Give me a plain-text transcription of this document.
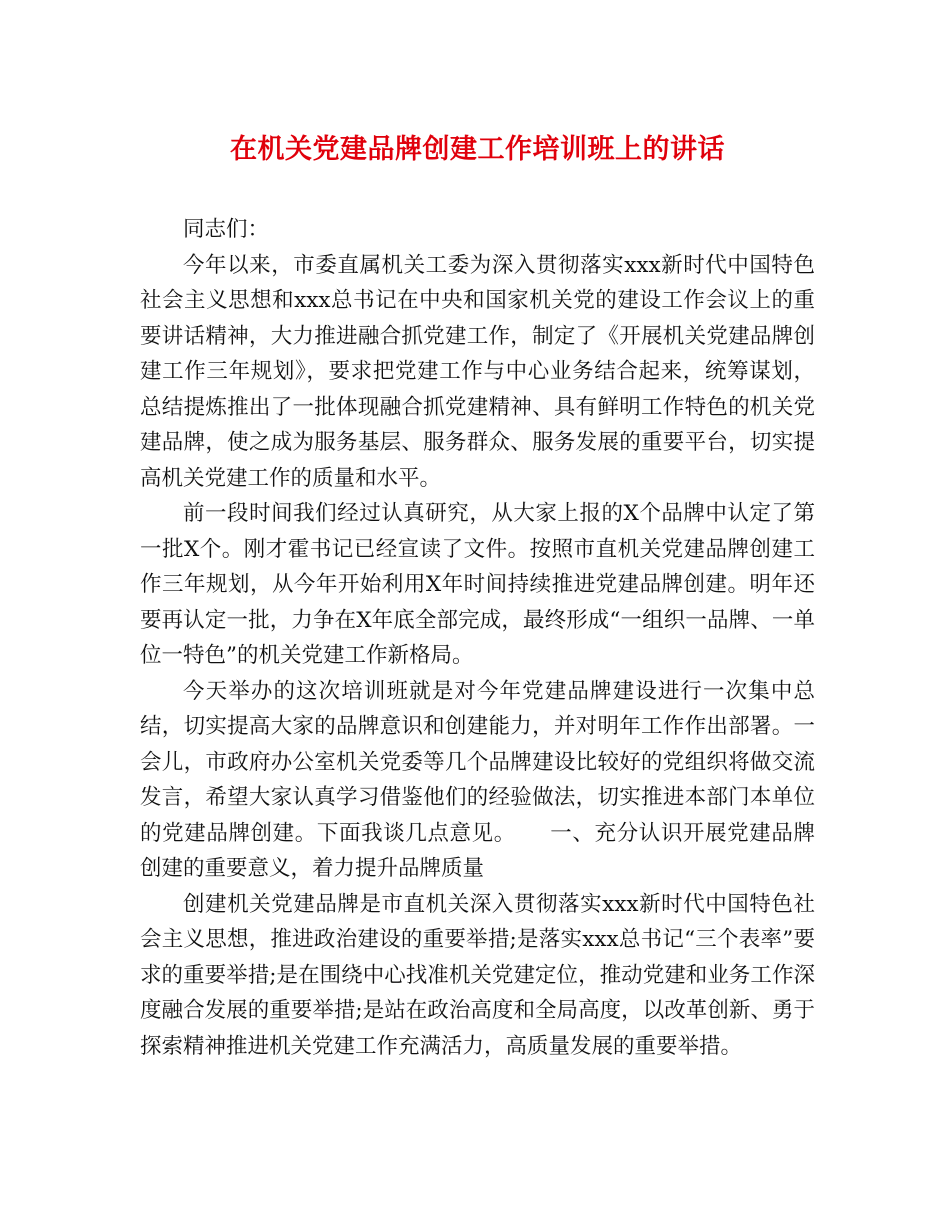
在机关党建品牌创建工作培训班上的讲话

同志们：

今年以来，市委直属机关工委为深入贯彻落实xxx新时代中国特色社会主义思想和xxx总书记在中央和国家机关党的建设工作会议上的重要讲话精神，大力推进融合抓党建工作，制定了《开展机关党建品牌创建工作三年规划》，要求把党建工作与中心业务结合起来，统筹谋划，总结提炼推出了一批体现融合抓党建精神、具有鲜明工作特色的机关党建品牌，使之成为服务基层、服务群众、服务发展的重要平台，切实提高机关党建工作的质量和水平。

前一段时间我们经过认真研究，从大家上报的X个品牌中认定了第一批X个。刚才霍书记已经宣读了文件。按照市直机关党建品牌创建工作三年规划，从今年开始利用X年时间持续推进党建品牌创建。明年还要再认定一批，力争在X年底全部完成，最终形成“一组织一品牌、一单位一特色”的机关党建工作新格局。

今天举办的这次培训班就是对今年党建品牌建设进行一次集中总结，切实提高大家的品牌意识和创建能力，并对明年工作作出部署。一会儿，市政府办公室机关党委等几个品牌建设比较好的党组织将做交流发言，希望大家认真学习借鉴他们的经验做法，切实推进本部门本单位的党建品牌创建。下面我谈几点意见。 一、充分认识开展党建品牌创建的重要意义，着力提升品牌质量

创建机关党建品牌是市直机关深入贯彻落实xxx新时代中国特色社会主义思想，推进政治建设的重要举措;是落实xxx总书记“三个表率”要求的重要举措;是在围绕中心找准机关党建定位，推动党建和业务工作深度融合发展的重要举措;是站在政治高度和全局高度，以改革创新、勇于探索精神推进机关党建工作充满活力，高质量发展的重要举措。
